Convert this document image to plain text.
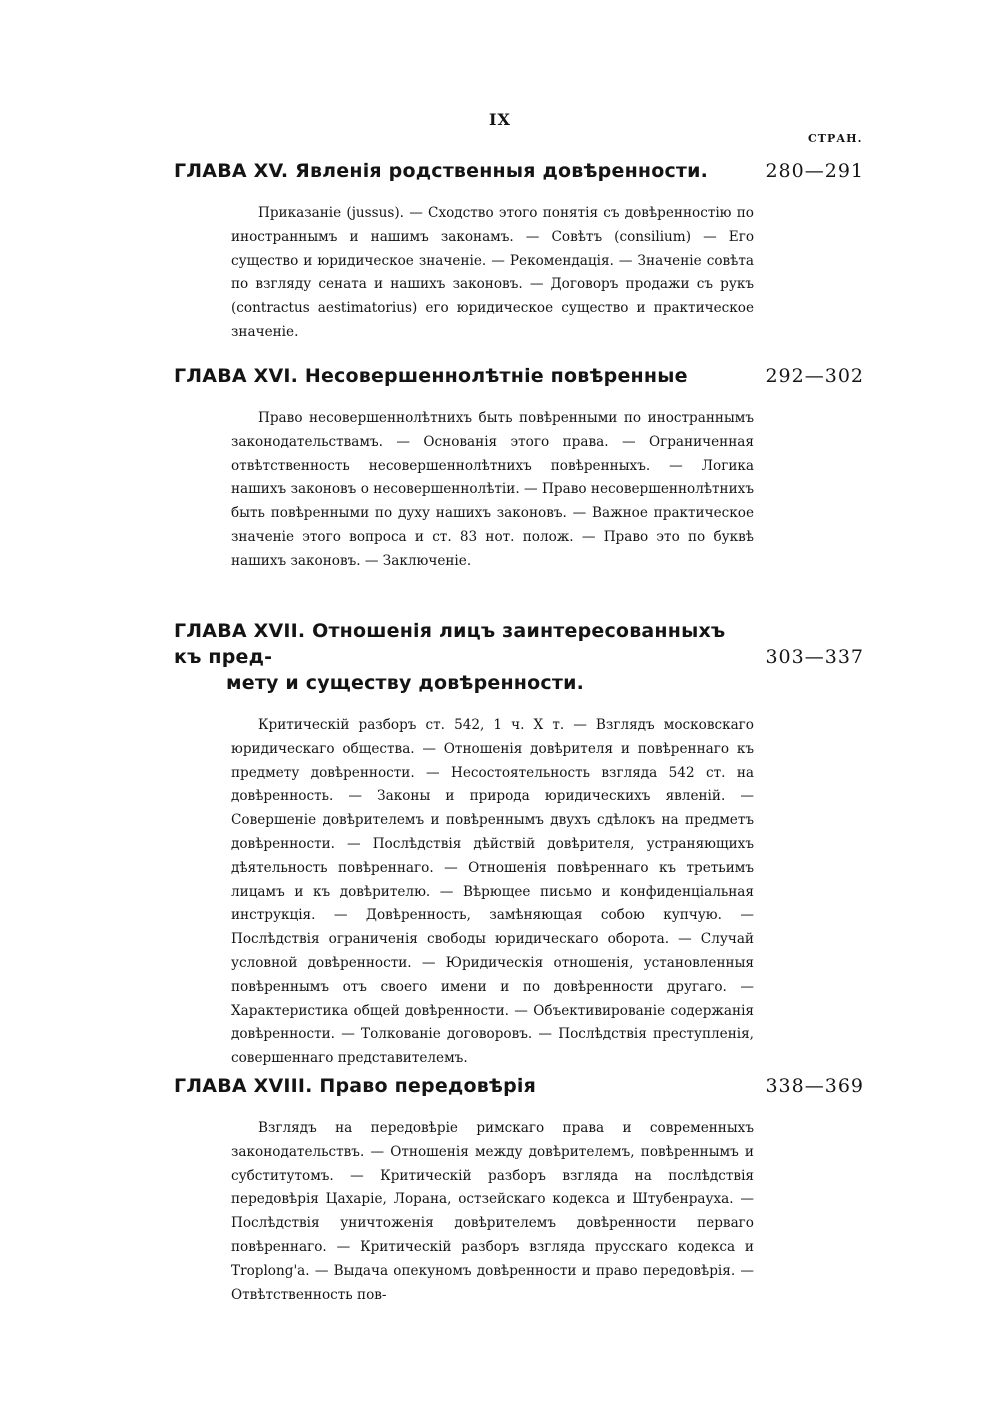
IX
СТРАН.
ГЛАВА XV. Явленія родственныя довѣренности.	280—291
Приказаніе (jussus). — Сходство этого понятія съ довѣренностію по иностраннымъ и нашимъ законамъ. — Совѣтъ (consilium) — Его существо и юридическое значеніе. — Рекомендація. — Значеніе совѣта по взгляду сената и нашихъ законовъ. — Договоръ продажи съ рукъ (contractus aestimatorius) его юридическое существо и практическое значеніе.
ГЛАВА XVI. Несовершеннолѣтніе повѣренные	292—302
Право несовершеннолѣтнихъ быть повѣренными по иностраннымъ законодательствамъ. — Основанія этого права. — Ограниченная отвѣтственность несовершеннолѣтнихъ повѣренныхъ. — Логика нашихъ законовъ о несовершеннолѣтіи. — Право несовершеннолѣтнихъ быть повѣренными по духу нашихъ законовъ. — Важное практическое значеніе этого вопроса и ст. 83 нот. полож. — Право это по буквѣ нашихъ законовъ. — Заключеніе.
ГЛАВА XVII. Отношенія лицъ заинтересованныхъ къ пред-
мету и существу довѣренности.
303—337
Критическій разборъ ст. 542, 1 ч. X т. — Взглядъ московскаго юридическаго общества. — Отношенія довѣрителя и повѣреннаго къ предмету довѣренности. — Несостоятельность взгляда 542 ст. на довѣренность. — Законы и природа юридическихъ явленій. — Совершеніе довѣрителемъ и повѣреннымъ двухъ сдѣлокъ на предметъ довѣренности. — Послѣдствія дѣйствій довѣрителя, устраняющихъ дѣятельность повѣреннаго. — Отношенія повѣреннаго къ третьимъ лицамъ и къ довѣрителю. — Вѣрющее письмо и конфиденціальная инструкція. — Довѣренность, замѣняющая собою купчую. — Послѣдствія ограниченія свободы юридическаго оборота. — Случай условной довѣренности. — Юридическія отношенія, установленныя повѣреннымъ отъ своего имени и по довѣренности другаго. — Характеристика общей довѣренности. — Объективированіе содержанія довѣренности. — Толкованіе договоровъ. — Послѣдствія преступленія, совершеннаго представителемъ.
ГЛАВА XVIII. Право передовѣрія	338—369
Взглядъ на передовѣріе римскаго права и современныхъ законодательствъ. — Отношенія между довѣрителемъ, повѣреннымъ и субститутомъ. — Критическій разборъ взгляда на послѣдствія передовѣрія Цахаріе, Лорана, остзейскаго кодекса и Штубенрауха. — Послѣдствія уничтоженія довѣрителемъ довѣренности перваго повѣреннаго. — Критическій разборъ взгляда прусскаго кодекса и Troplong'а. — Выдача опекуномъ довѣренности и право передовѣрія. — Отвѣтственность пов-
